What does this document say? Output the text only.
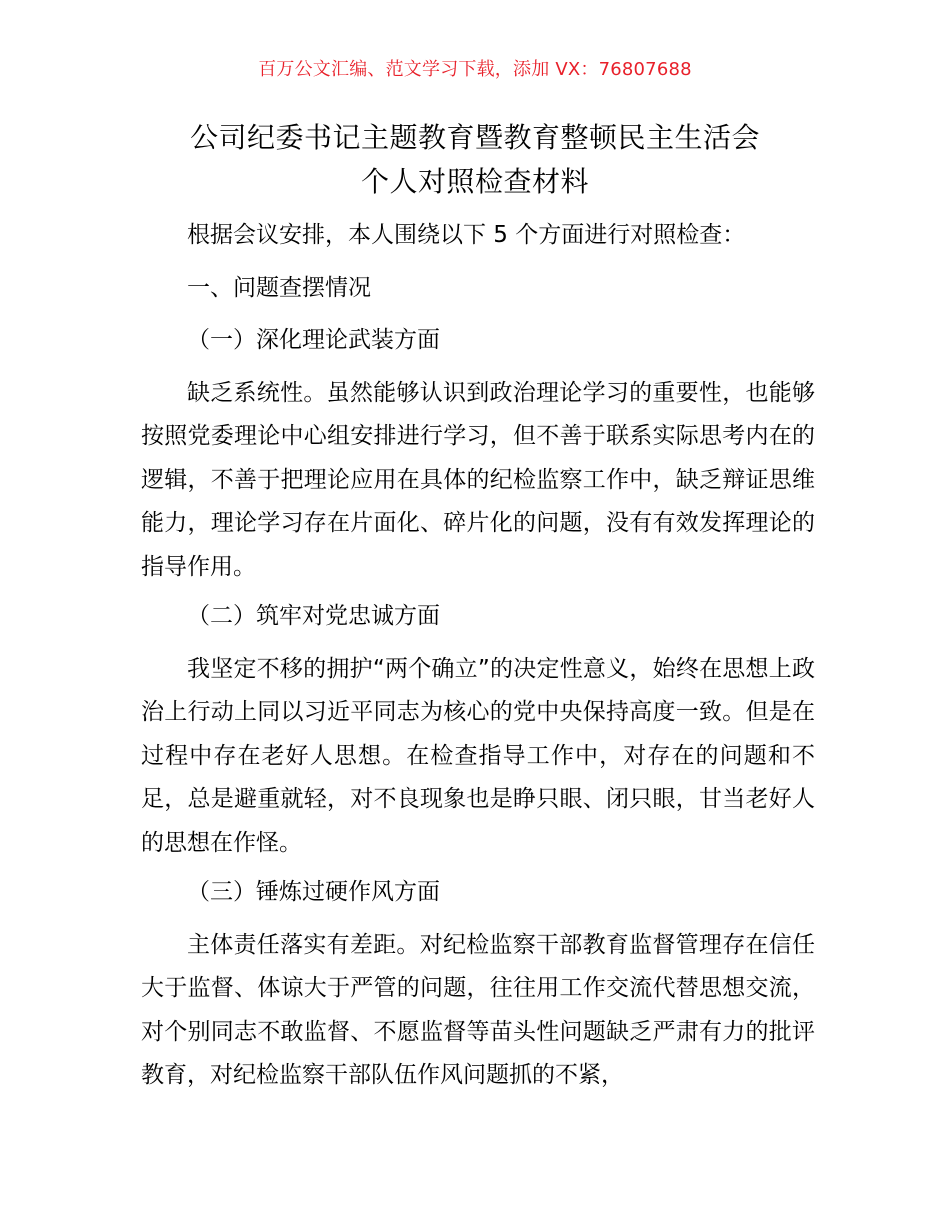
百万公文汇编、范文学习下载，添加 VX：76807688
公司纪委书记主题教育暨教育整顿民主生活会
个人对照检查材料

根据会议安排，本人围绕以下 5 个方面进行对照检查：

一、问题查摆情况

（一）深化理论武装方面

缺乏系统性。虽然能够认识到政治理论学习的重要性，也能够按照党委理论中心组安排进行学习，但不善于联系实际思考内在的逻辑，不善于把理论应用在具体的纪检监察工作中，缺乏辩证思维能力，理论学习存在片面化、碎片化的问题，没有有效发挥理论的指导作用。

（二）筑牢对党忠诚方面

我坚定不移的拥护“两个确立”的决定性意义，始终在思想上政治上行动上同以习近平同志为核心的党中央保持高度一致。但是在过程中存在老好人思想。在检查指导工作中，对存在的问题和不足，总是避重就轻，对不良现象也是睁只眼、闭只眼，甘当老好人的思想在作怪。

（三）锤炼过硬作风方面

主体责任落实有差距。对纪检监察干部教育监督管理存在信任大于监督、体谅大于严管的问题，往往用工作交流代替思想交流，对个别同志不敢监督、不愿监督等苗头性问题缺乏严肃有力的批评教育，对纪检监察干部队伍作风问题抓的不紧，
